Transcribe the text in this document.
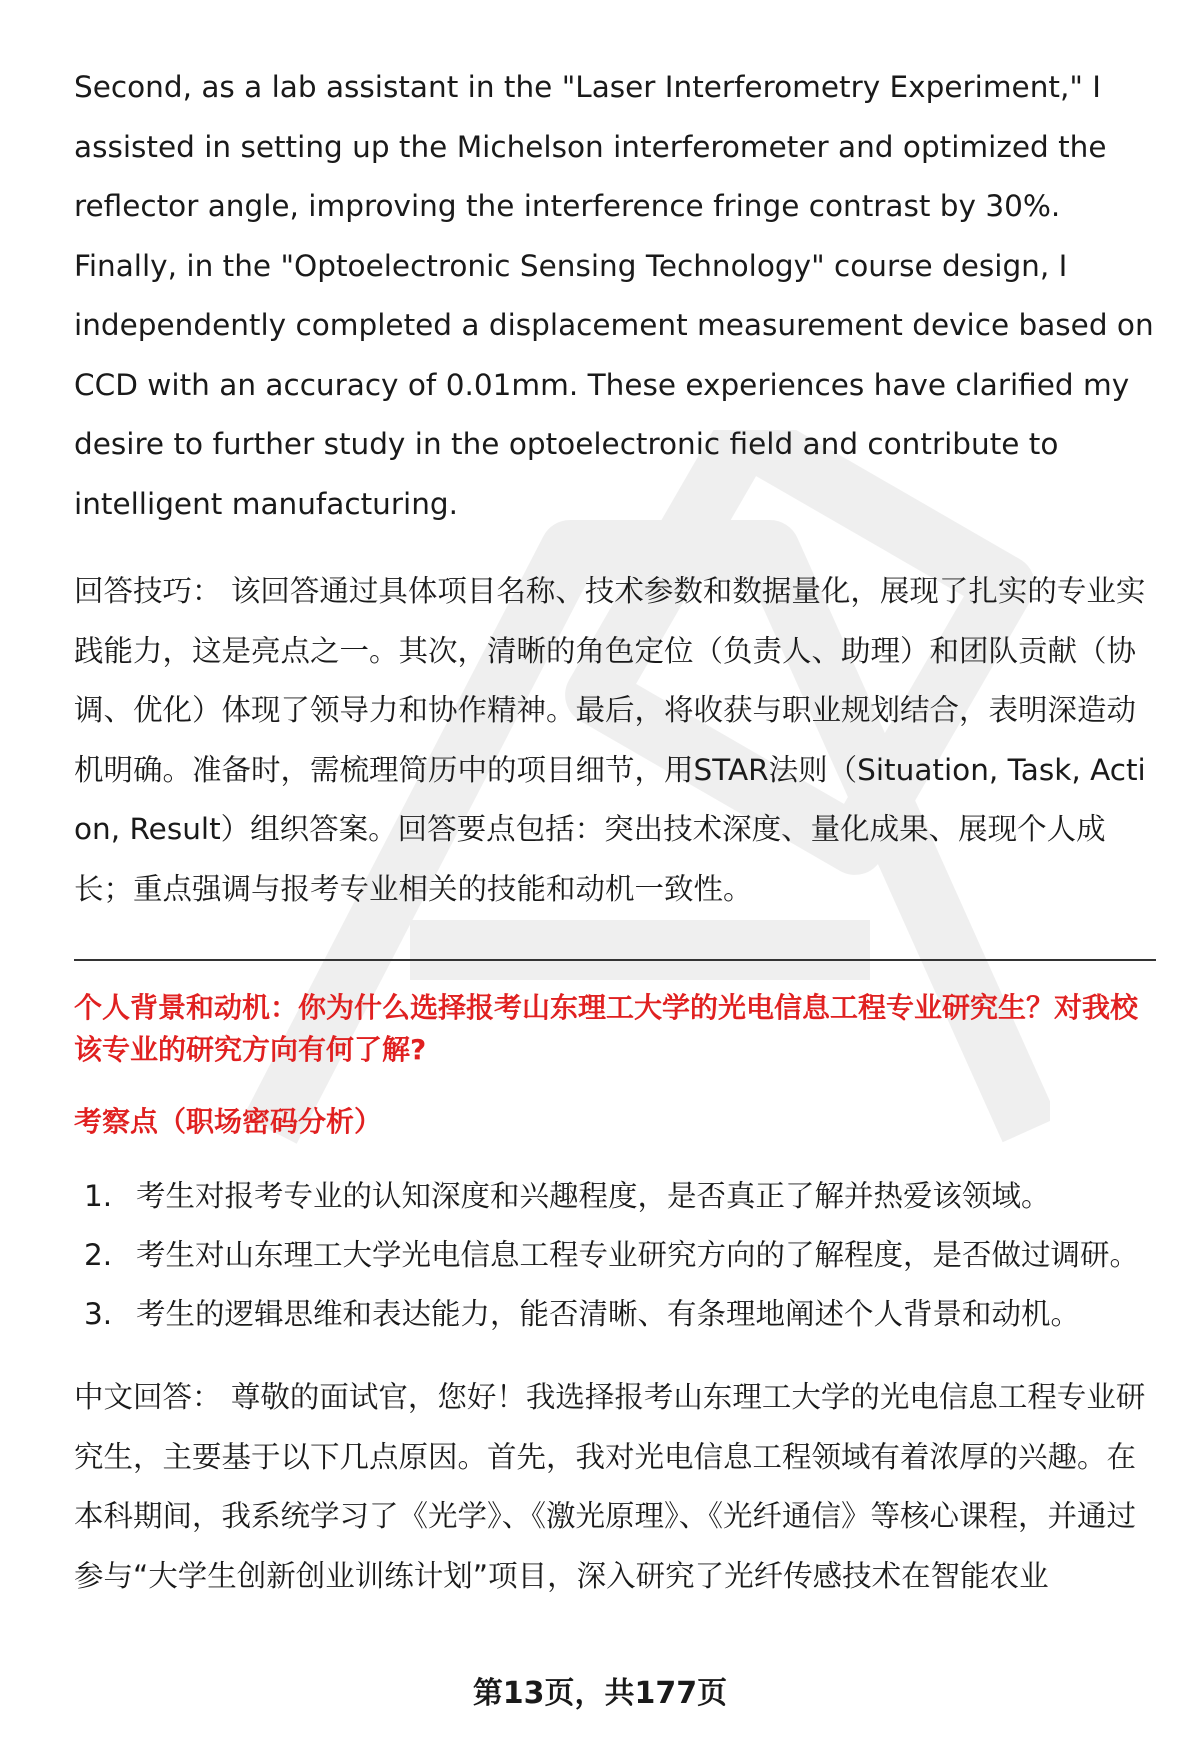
Second, as a lab assistant in the "Laser Interferometry Experiment," I assisted in setting up the Michelson interferometer and optimized the reflector angle, improving the interference fringe contrast by 30%. Finally, in the "Optoelectronic Sensing Technology" course design, I independently completed a displacement measurement device based on CCD with an accuracy of 0.01mm. These experiences have clarified my desire to further study in the optoelectronic field and contribute to intelligent manufacturing.

回答技巧： 该回答通过具体项目名称、技术参数和数据量化，展现了扎实的专业实践能力，这是亮点之一。其次，清晰的角色定位（负责人、助理）和团队贡献（协调、优化）体现了领导力和协作精神。最后，将收获与职业规划结合，表明深造动机明确。准备时，需梳理简历中的项目细节，用STAR法则（Situation, Task, Action, Result）组织答案。回答要点包括：突出技术深度、量化成果、展现个人成长；重点强调与报考专业相关的技能和动机一致性。

个人背景和动机：你为什么选择报考山东理工大学的光电信息工程专业研究生？对我校该专业的研究方向有何了解?
考察点（职场密码分析）
1. 考生对报考专业的认知深度和兴趣程度，是否真正了解并热爱该领域。
2. 考生对山东理工大学光电信息工程专业研究方向的了解程度，是否做过调研。
3. 考生的逻辑思维和表达能力，能否清晰、有条理地阐述个人背景和动机。

中文回答： 尊敬的面试官，您好！我选择报考山东理工大学的光电信息工程专业研究生，主要基于以下几点原因。首先，我对光电信息工程领域有着浓厚的兴趣。在本科期间，我系统学习了《光学》、《激光原理》、《光纤通信》等核心课程，并通过参与“大学生创新创业训练计划”项目，深入研究了光纤传感技术在智能农业

第13页，共177页
